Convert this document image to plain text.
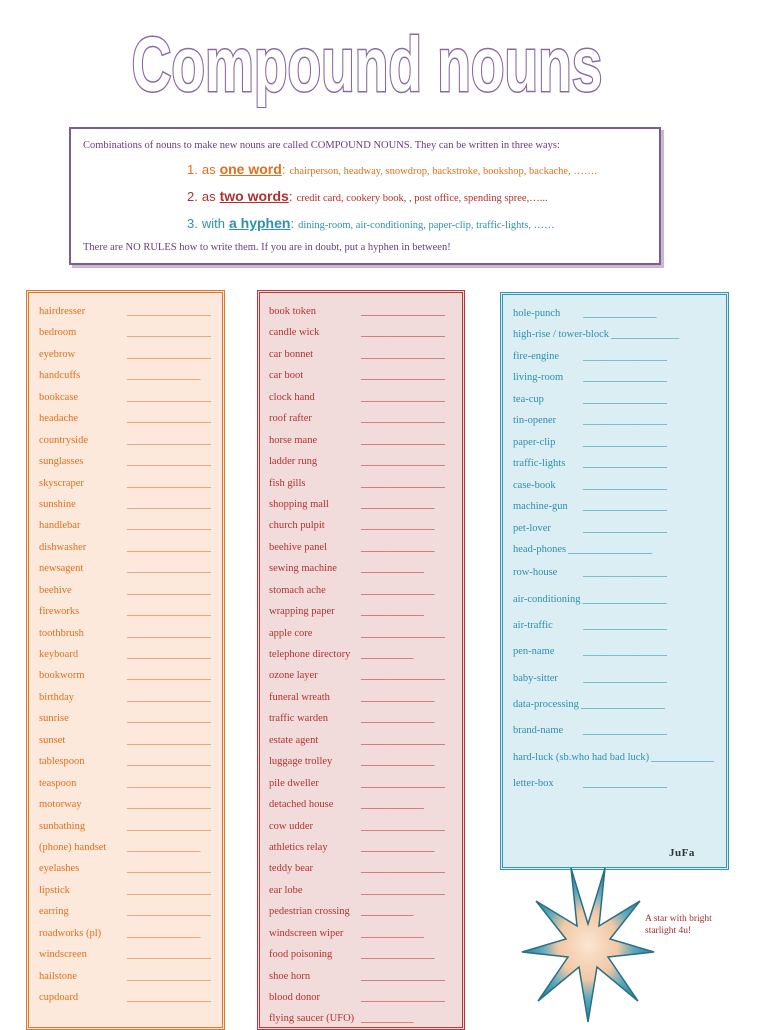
Compound nouns
Combinations of nouns to make new nouns are called COMPOUND NOUNS. They can be written in three ways:
1. as one word: chairperson, headway, snowdrop, backstroke, bookshop, backache, …….
2. as two words: credit card, cookery book, , post office, spending spree,…...
3. with a hyphen: dining-room, air-conditioning, paper-clip, traffic-lights, ……
There are NO RULES how to write them. If you are in doubt, put a hyphen in between!
hairdresser	________________
bedroom	________________
eyebrow	________________
handcuffs	______________
bookcase	________________
headache	________________
countryside	________________
sunglasses	________________
skyscraper	________________
sunshine	________________
handlebar	________________
dishwasher	________________
newsagent	________________
beehive	________________
fireworks	________________
toothbrush	________________
keyboard	________________
bookworm	________________
birthday	________________
sunrise	________________
sunset	________________
tablespoon	________________
teaspoon	________________
motorway	________________
sunbathing	________________
(phone) handset ______________
eyelashes	________________
lipstick	________________
earring	________________
roadworks (pl) ______________
windscreen	________________
hailstone	________________
cupdoard	________________
book token	________________
candle wick	________________
car bonnet	________________
car boot	________________
clock hand	________________
roof rafter	________________
horse mane	________________
ladder rung	________________
fish gills	________________
shopping mall	______________
church pulpit	______________
beehive panel	______________
sewing machine ____________
stomach ache	______________
wrapping paper	____________
apple core	________________
telephone directory __________
ozone layer	________________
funeral wreath	______________
traffic warden	______________
estate agent	________________
luggage trolley	______________
pile dweller	________________
detached house	____________
cow udder	________________
athletics relay	______________
teddy bear	________________
ear lobe	________________
pedestrian crossing __________
windscreen wiper ____________
food poisoning	______________
shoe horn	________________
blood donor	________________
flying saucer (UFO) __________
hole-punch ______________
high-rise / tower-block _____________
fire-engine ________________
living-room ________________
tea-cup	________________
tin-opener	________________
paper-clip	________________
traffic-lights ________________
case-book	________________
machine-gun ________________
pet-lover	________________
head-phones ________________
row-house ________________
air-conditioning ________________
air-traffic	________________
pen-name	________________
baby-sitter ________________
data-processing ________________
brand-name ________________
hard-luck (sb.who had bad luck) ____________
letter-box	________________
JuFa
A star with bright starlight 4u!
